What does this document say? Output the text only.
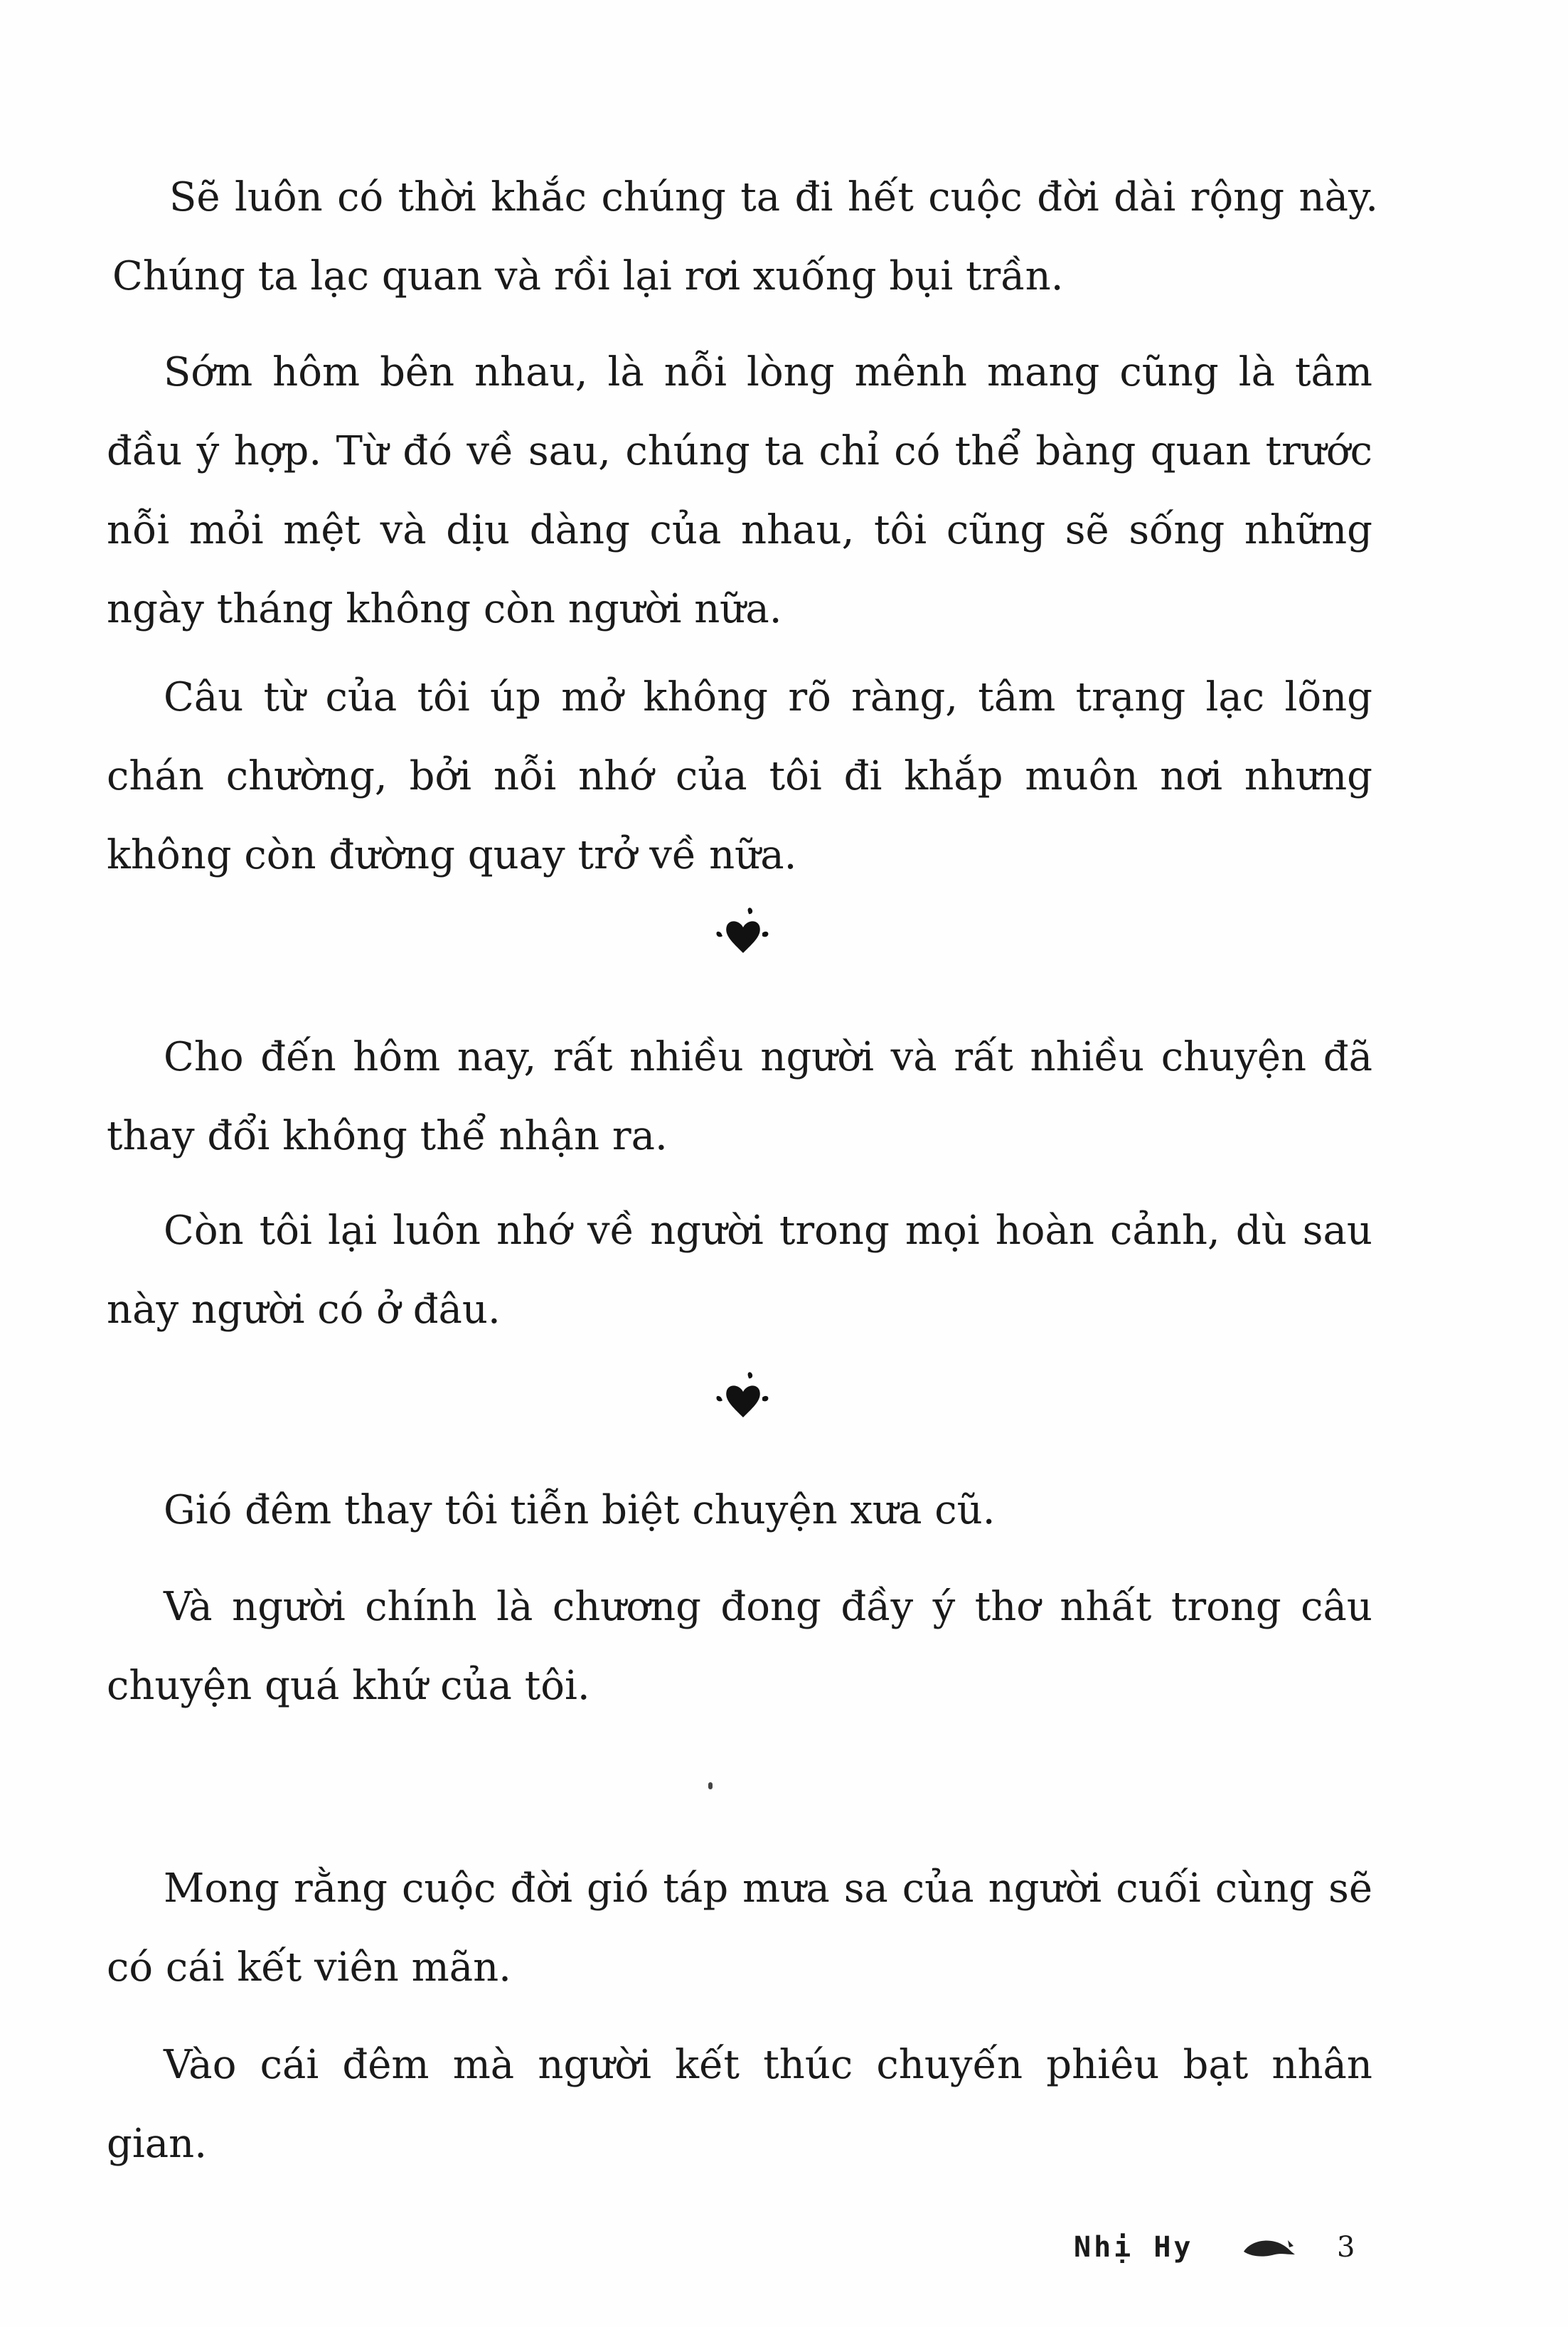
Sẽ luôn có thời khắc chúng ta đi hết cuộc đời dài rộng này. Chúng ta lạc quan và rồi lại rơi xuống bụi trần.

Sớm hôm bên nhau, là nỗi lòng mênh mang cũng là tâm đầu ý hợp. Từ đó về sau, chúng ta chỉ có thể bàng quan trước nỗi mỏi mệt và dịu dàng của nhau, tôi cũng sẽ sống những ngày tháng không còn người nữa.

Câu từ của tôi úp mở không rõ ràng, tâm trạng lạc lõng chán chường, bởi nỗi nhớ của tôi đi khắp muôn nơi nhưng không còn đường quay trở về nữa.

Cho đến hôm nay, rất nhiều người và rất nhiều chuyện đã thay đổi không thể nhận ra.

Còn tôi lại luôn nhớ về người trong mọi hoàn cảnh, dù sau này người có ở đâu.

Gió đêm thay tôi tiễn biệt chuyện xưa cũ.

Và người chính là chương đong đầy ý thơ nhất trong câu chuyện quá khứ của tôi.

Mong rằng cuộc đời gió táp mưa sa của người cuối cùng sẽ có cái kết viên mãn.

Vào cái đêm mà người kết thúc chuyến phiêu bạt nhân gian.

Nhị Hy	3
